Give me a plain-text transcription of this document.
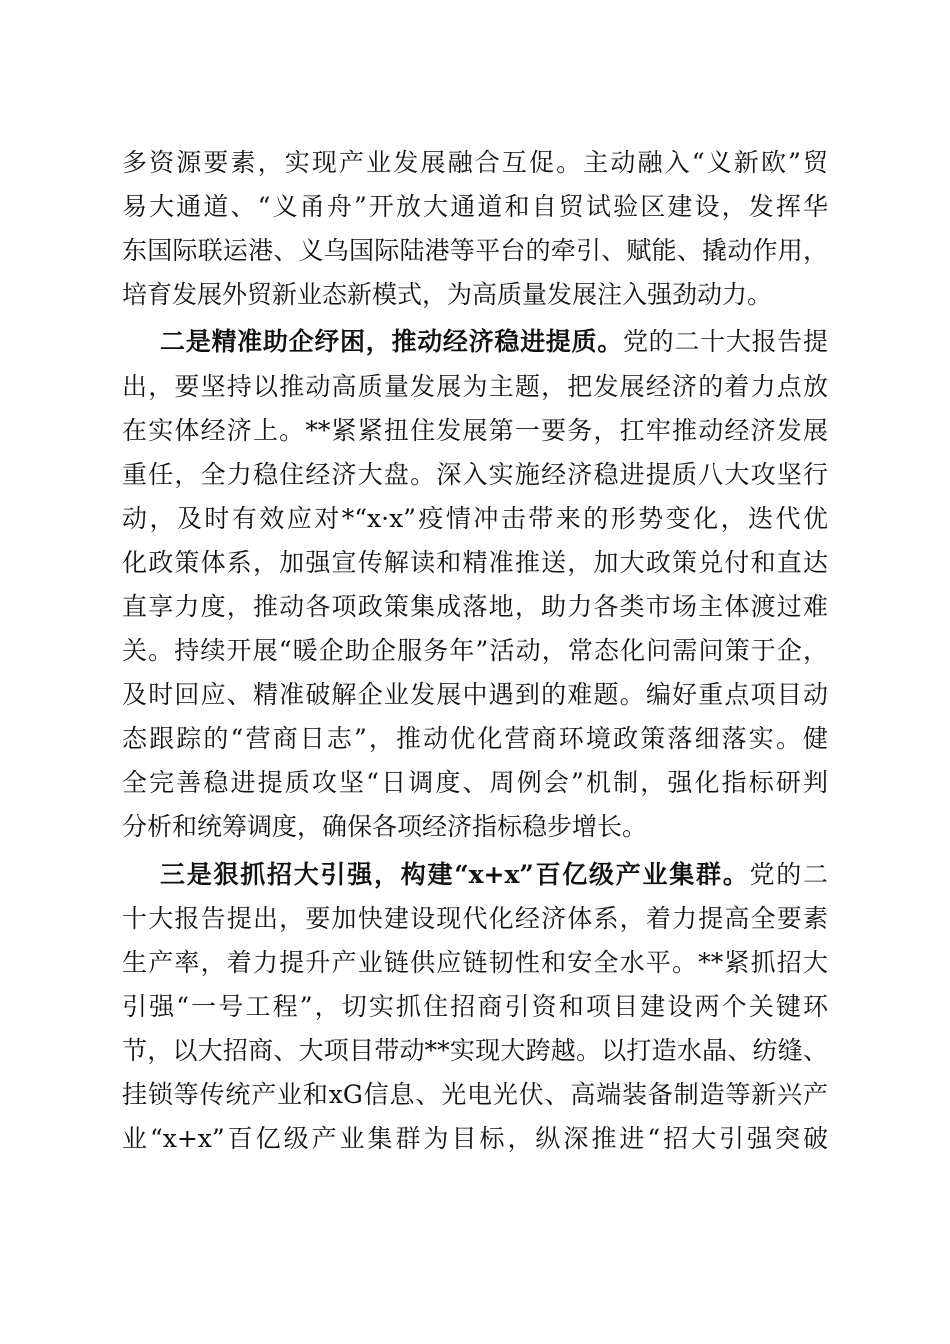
多资源要素，实现产业发展融合互促。主动融入“义新欧”贸
易大通道、“义甬舟”开放大通道和自贸试验区建设，发挥华
东国际联运港、义乌国际陆港等平台的牵引、赋能、撬动作用，
培育发展外贸新业态新模式，为高质量发展注入强劲动力。
二是精准助企纾困，推动经济稳进提质。党的二十大报告提
出，要坚持以推动高质量发展为主题，把发展经济的着力点放
在实体经济上。**紧紧扭住发展第一要务，扛牢推动经济发展
重任，全力稳住经济大盘。深入实施经济稳进提质八大攻坚行
动，及时有效应对*“x·x”疫情冲击带来的形势变化，迭代优
化政策体系，加强宣传解读和精准推送，加大政策兑付和直达
直享力度，推动各项政策集成落地，助力各类市场主体渡过难
关。持续开展“暖企助企服务年”活动，常态化问需问策于企，
及时回应、精准破解企业发展中遇到的难题。编好重点项目动
态跟踪的“营商日志”，推动优化营商环境政策落细落实。健
全完善稳进提质攻坚“日调度、周例会”机制，强化指标研判
分析和统筹调度，确保各项经济指标稳步增长。
三是狠抓招大引强，构建“x+x”百亿级产业集群。党的二
十大报告提出，要加快建设现代化经济体系，着力提高全要素
生产率，着力提升产业链供应链韧性和安全水平。**紧抓招大
引强“一号工程”，切实抓住招商引资和项目建设两个关键环
节，以大招商、大项目带动**实现大跨越。以打造水晶、纺缝、
挂锁等传统产业和xG信息、光电光伏、高端装备制造等新兴产
业“x+x”百亿级产业集群为目标，纵深推进“招大引强突破
